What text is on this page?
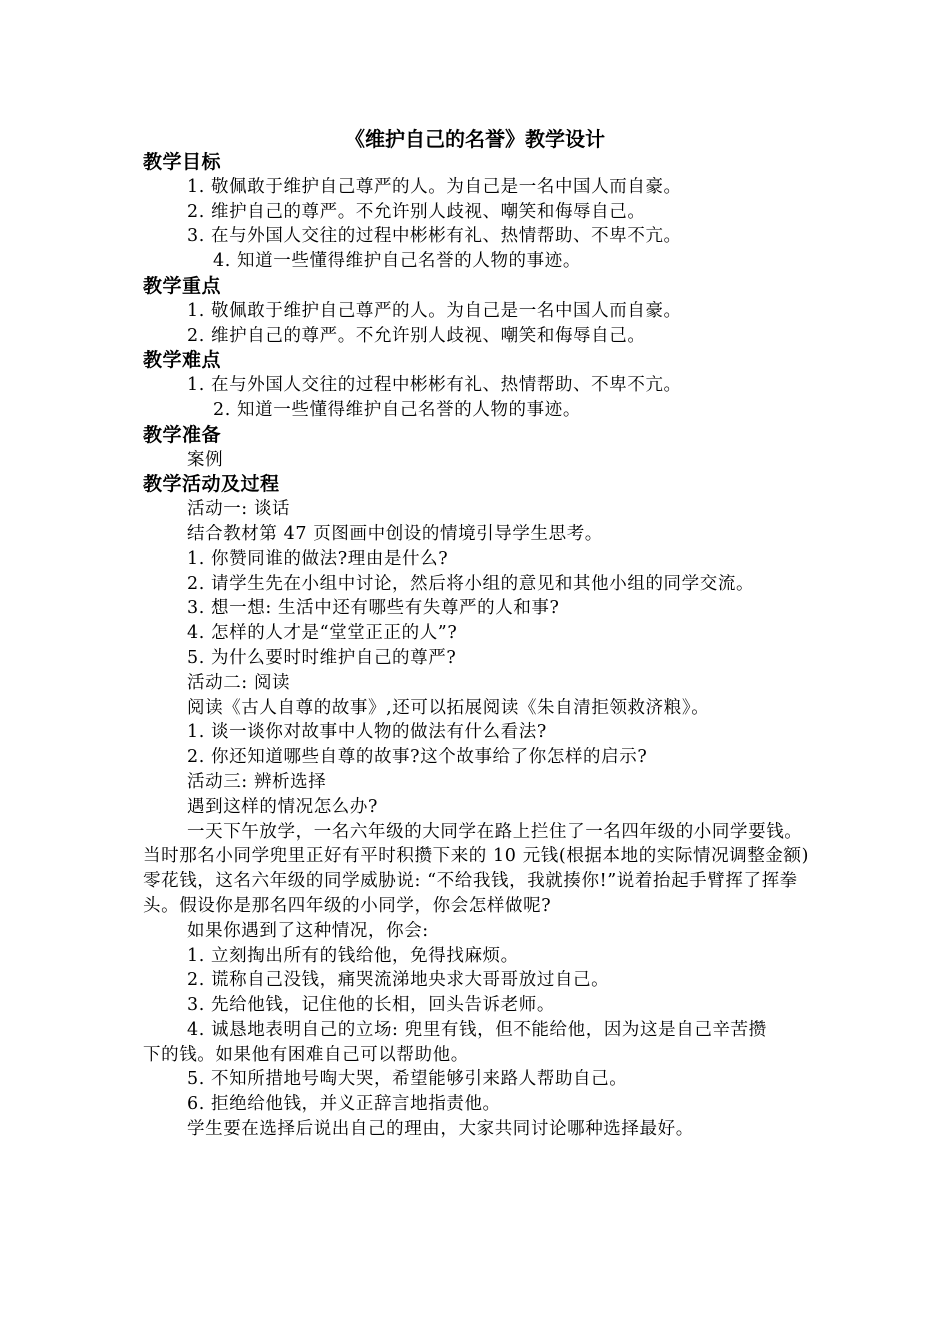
《维护自己的名誉》教学设计
教学目标
1. 敬佩敢于维护自己尊严的人。为自己是一名中国人而自豪。
2. 维护自己的尊严。不允许别人歧视、嘲笑和侮辱自己。
3. 在与外国人交往的过程中彬彬有礼、热情帮助、不卑不亢。
4. 知道一些懂得维护自己名誉的人物的事迹。
教学重点
1. 敬佩敢于维护自己尊严的人。为自己是一名中国人而自豪。
2. 维护自己的尊严。不允许别人歧视、嘲笑和侮辱自己。
教学难点
1. 在与外国人交往的过程中彬彬有礼、热情帮助、不卑不亢。
2. 知道一些懂得维护自己名誉的人物的事迹。
教学准备
案例
教学活动及过程
活动一: 谈话
结合教材第 47 页图画中创设的情境引导学生思考。
1. 你赞同谁的做法?理由是什么?
2. 请学生先在小组中讨论，然后将小组的意见和其他小组的同学交流。
3. 想一想: 生活中还有哪些有失尊严的人和事?
4. 怎样的人才是“堂堂正正的人”?
5. 为什么要时时维护自己的尊严?
活动二: 阅读
阅读《古人自尊的故事》,还可以拓展阅读《朱自清拒领救济粮》。
1. 谈一谈你对故事中人物的做法有什么看法?
2. 你还知道哪些自尊的故事?这个故事给了你怎样的启示?
活动三: 辨析选择
遇到这样的情况怎么办?
一天下午放学，一名六年级的大同学在路上拦住了一名四年级的小同学要钱。当时那名小同学兜里正好有平时积攒下来的 10 元钱(根据本地的实际情况调整金额)零花钱，这名六年级的同学威胁说: “不给我钱，我就揍你!”说着抬起手臂挥了挥拳头。假设你是那名四年级的小同学，你会怎样做呢?
如果你遇到了这种情况，你会:
1. 立刻掏出所有的钱给他，免得找麻烦。
2. 谎称自己没钱，痛哭流涕地央求大哥哥放过自己。
3. 先给他钱，记住他的长相，回头告诉老师。
4. 诚恳地表明自己的立场: 兜里有钱，但不能给他，因为这是自己辛苦攒
下的钱。如果他有困难自己可以帮助他。
5. 不知所措地号啕大哭，希望能够引来路人帮助自己。
6. 拒绝给他钱，并义正辞言地指责他。
学生要在选择后说出自己的理由，大家共同讨论哪种选择最好。
